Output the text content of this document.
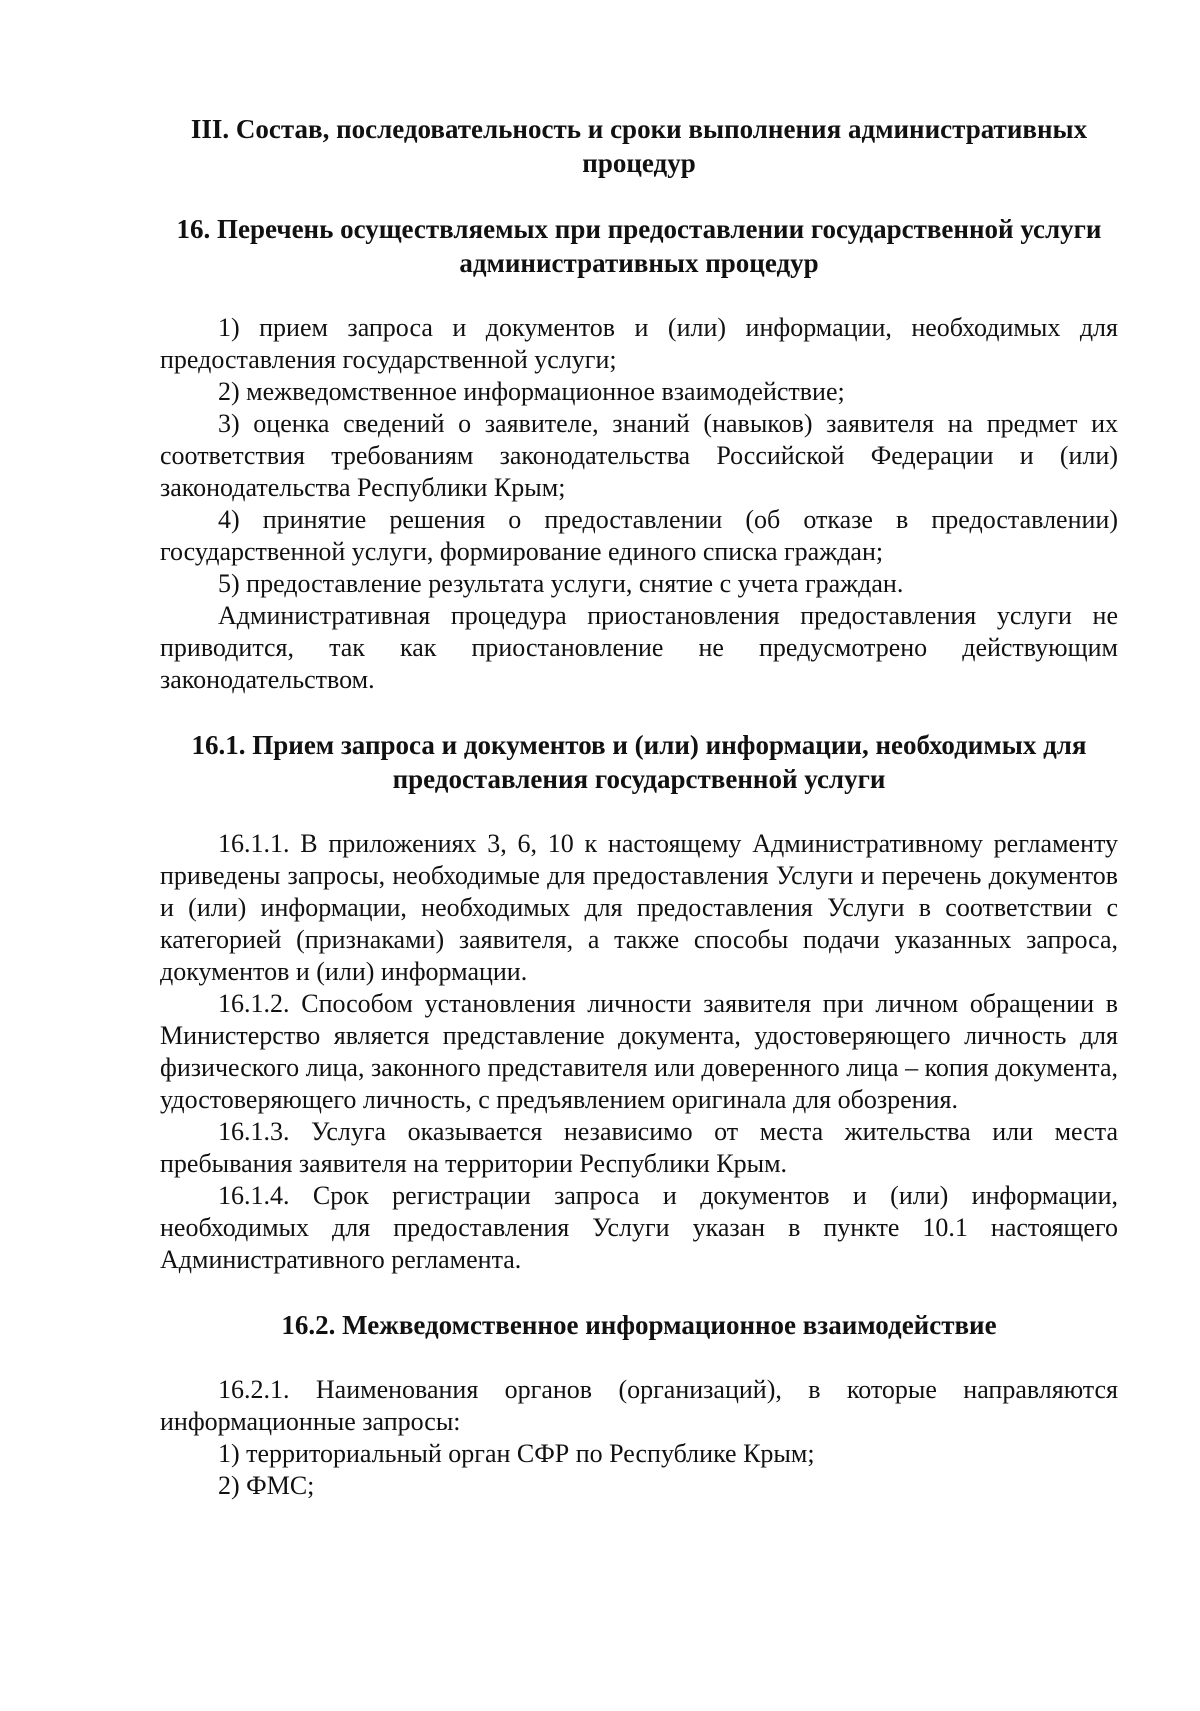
III. Состав, последовательность и сроки выполнения административных процедур
16. Перечень осуществляемых при предоставлении государственной услуги административных процедур

1) прием запроса и документов и (или) информации, необходимых для предоставления государственной услуги;

2) межведомственное информационное взаимодействие;

3) оценка сведений о заявителе, знаний (навыков) заявителя на предмет их соответствия требованиям законодательства Российской Федерации и (или) законодательства Республики Крым;

4) принятие решения о предоставлении (об отказе в предоставлении) государственной услуги, формирование единого списка граждан;

5) предоставление результата услуги, снятие с учета граждан.

Административная процедура приостановления предоставления услуги не приводится, так как приостановление не предусмотрено действующим законодательством.

16.1. Прием запроса и документов и (или) информации, необходимых для предоставления государственной услуги

16.1.1. В приложениях 3, 6, 10 к настоящему Административному регламенту приведены запросы, необходимые для предоставления Услуги и перечень документов и (или) информации, необходимых для предоставления Услуги в соответствии с категорией (признаками) заявителя, а также способы подачи указанных запроса, документов и (или) информации.

16.1.2. Способом установления личности заявителя при личном обращении в Министерство является представление документа, удостоверяющего личность для физического лица, законного представителя или доверенного лица – копия документа, удостоверяющего личность, с предъявлением оригинала для обозрения.

16.1.3. Услуга оказывается независимо от места жительства или места пребывания заявителя на территории Республики Крым.

16.1.4. Срок регистрации запроса и документов и (или) информации, необходимых для предоставления Услуги указан в пункте 10.1 настоящего Административного регламента.

16.2. Межведомственное информационное взаимодействие

16.2.1. Наименования органов (организаций), в которые направляются информационные запросы:

1) территориальный орган СФР по Республике Крым;

2) ФМС;
